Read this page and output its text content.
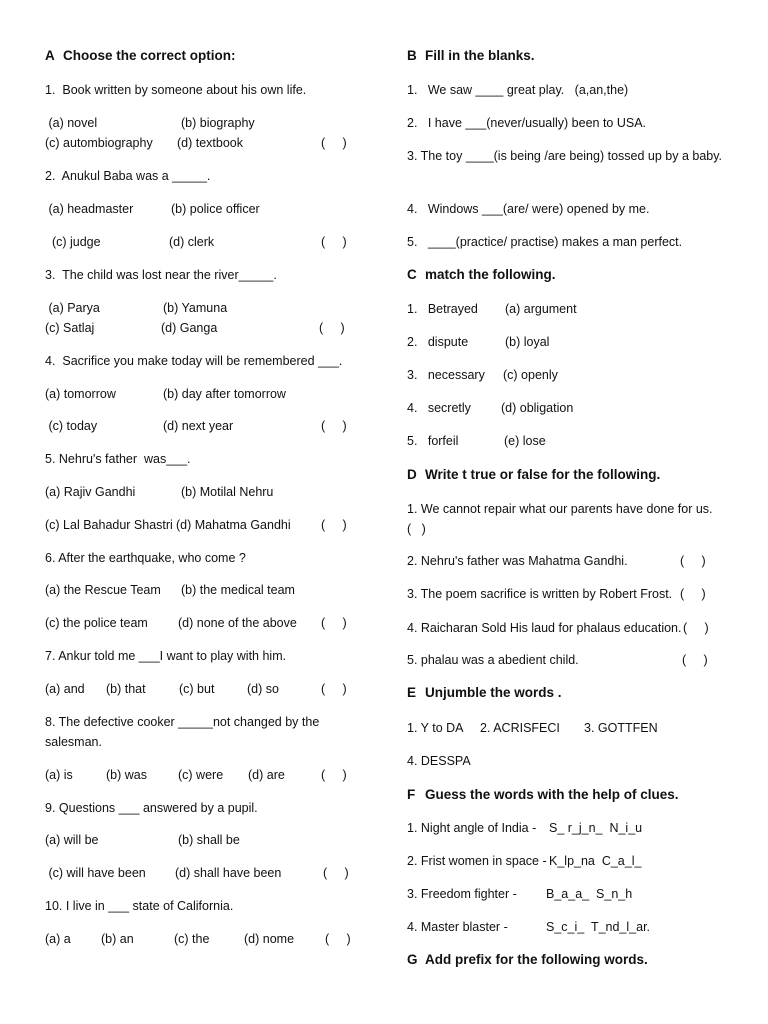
A Choose the correct option:
1.  Book written by someone about his own life.
(a) novel	(b) biography
(c) autombiography (d) textbook	(     )
2.  Anukul Baba was a _____.
(a) headmaster	(b) police officer
(c) judge	(d) clerk	(     )
3.  The child was lost near the river_____.
(a) Parya	(b) Yamuna
(c) Satlaj	(d) Ganga	(     )
4.  Sacrifice you make today will be remembered ___.
(a) tomorrow	(b) day after tomorrow
(c) today	(d) next year	(     )
5. Nehru's father  was___.
(a) Rajiv Gandhi	(b) Motilal Nehru
(c) Lal Bahadur Shastri (d) Mahatma Gandhi (     )
6. After the earthquake, who come ?
(a) the Rescue Team (b) the medical team
(c) the police team (d) none of the above (     )
7. Ankur told me ___I want to play with him.
(a) and (b) that	(c) but	(d) so	(     )
8. The defective cooker _____not changed by the salesman.
(a) is	(b) was (c) were (d) are	(     )
9. Questions ___ answered by a pupil.
(a) will be	(b) shall be
(c) will have been (d) shall have been	(     )
10. I live in ___ state of California.
(a) a (b) an	(c) the	(d) nome (     )
B Fill in the blanks.
1.   We saw ____ great play.   (a,an,the)
2.   I have ___(never/usually) been to USA.
3. The toy ____(is being /are being) tossed up by a baby.
4.   Windows ___(are/ were) opened by me.
5.   ____(practice/ practise) makes a man perfect.
C match the following.
1.   Betrayed (a) argument
2.   dispute	(b) loyal
3.   necessary (c) openly
4.   secretly (d) obligation
5.   forfeil	(e) lose
D Write t true or false for the following.
1. We cannot repair what our parents have done for us.
(   )
2. Nehru's father was Mahatma Gandhi.	(     )
3. The poem sacrifice is written by Robert Frost. (     )
4. Raicharan Sold His laud for phalaus education. (     )
5. phalau was a abedient child.	(     )
E Unjumble the words .
1. Y to DA 2. ACRISFECI 3. GOTTFEN
4. DESSPA
F Guess the words with the help of clues.
1. Night angle of India - S_ r_j_n_  N_i_u
2. Frist women in space - K_lp_na  C_a_l_
3. Freedom fighter - B_a_a_  S_n_h
4. Master blaster -	S_c_i_  T_nd_l_ar.
G Add prefix for the following words.
